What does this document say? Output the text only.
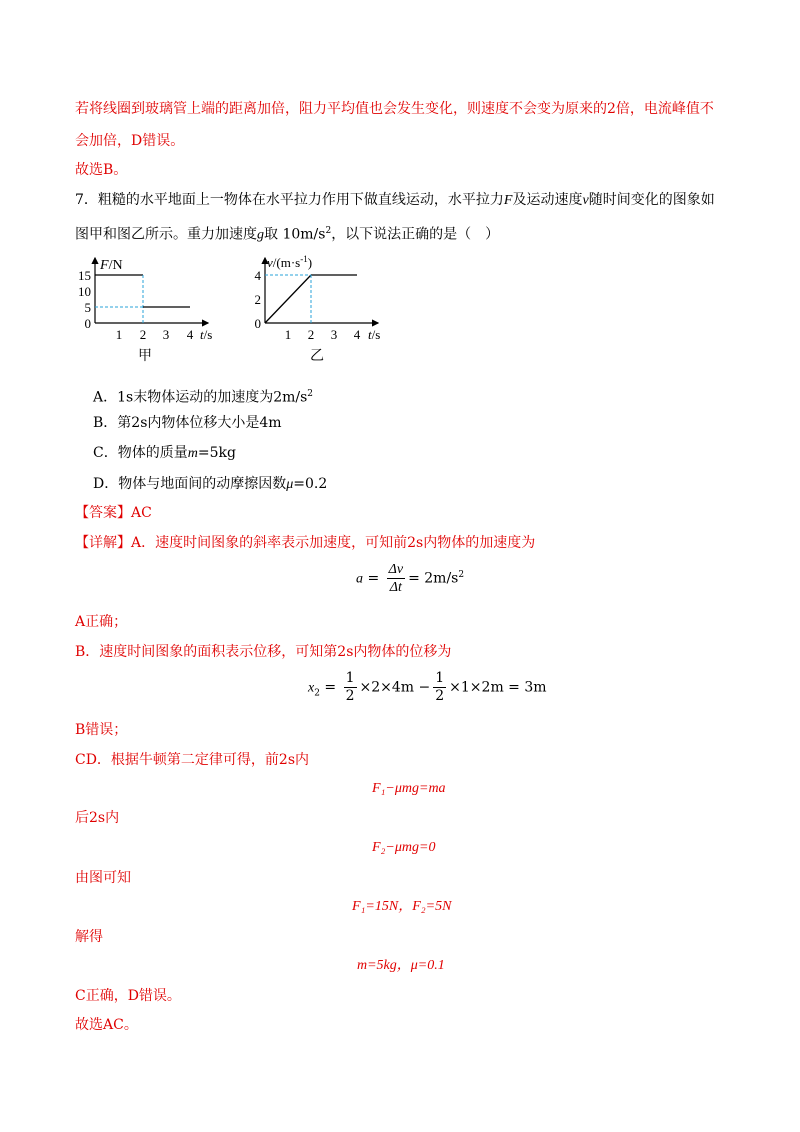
若将线圈到玻璃管上端的距离加倍，阻力平均值也会发生变化，则速度不会变为原来的2倍，电流峰值不
会加倍，D错误。
故选B。
7．粗糙的水平地面上一物体在水平拉力作用下做直线运动，水平拉力F及运动速度v随时间变化的图象如
图甲和图乙所示。重力加速度g取 $10m/s^2$，以下说法正确的是（　）
F/N
15
10
5
0
1 2 3 4 t/s
甲
$v/(m\cdot s^{-1})$
4
2
0
1 2 3 4 t/s
乙
A．1s末物体运动的加速度为$2m/s^2$
B．第2s内物体位移大小是4m
C．物体的质量m=5kg
D．物体与地面间的动摩擦因数μ=0.2
【答案】AC
【详解】A．速度时间图象的斜率表示加速度，可知前2s内物体的加速度为
$a = \frac{\Delta v}{\Delta t} = 2m/s^2$
A正确；
B．速度时间图象的面积表示位移，可知第2s内物体的位移为
$x_2 = \frac{1}{2} \times 2\times 4m - \frac{1}{2} \times 1\times 2m = 3m$
B错误；
CD．根据牛顿第二定律可得，前2s内
F₁−μmg=ma
后2s内
F₂−μmg=0
由图可知
F₁=15N，F₂=5N
解得
m=5kg，μ=0.1
C正确，D错误。
故选AC。
